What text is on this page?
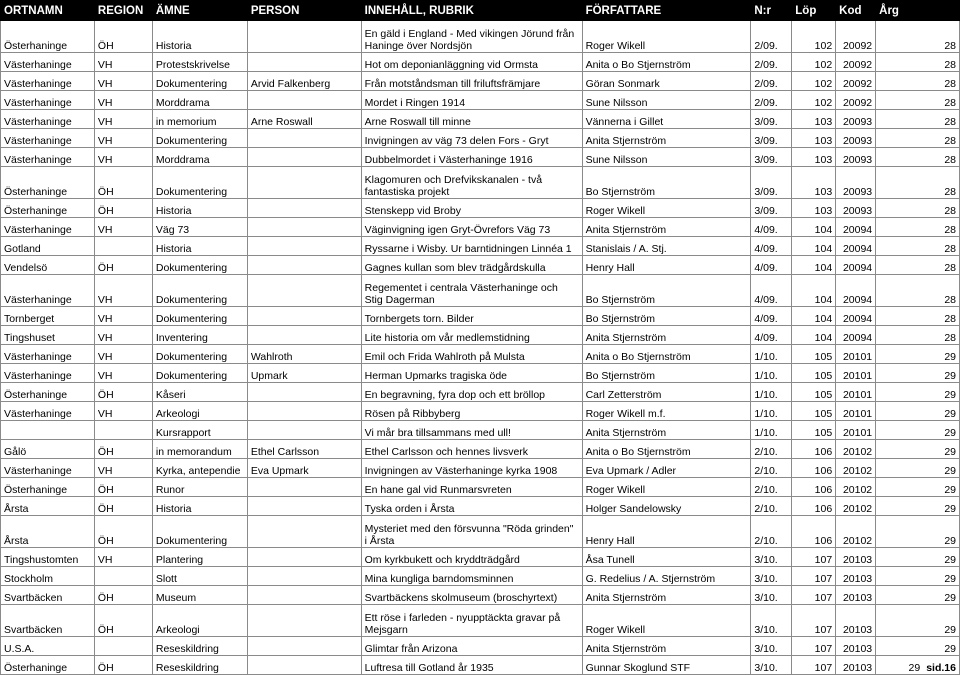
ORTNAMN	REGION	ÄMNE	PERSON	INNEHÅLL, RUBRIK	FÖRFATTARE	N:r	Löp	Kod	Årg
Österhaninge	ÖH	Historia		En gäld i England - Med vikingen Jörund från Haninge över Nordsjön	Roger Wikell	2/09.	102	20092	28
Västerhaninge	VH	Protestskrivelse		Hot om deponianläggning vid Ormsta	Anita o Bo Stjernström	2/09.	102	20092	28
Västerhaninge	VH	Dokumentering	Arvid Falkenberg	Från motståndsman till friluftsfrämjare	Göran Sonmark	2/09.	102	20092	28
Västerhaninge	VH	Morddrama		Mordet i Ringen 1914	Sune Nilsson	2/09.	102	20092	28
Västerhaninge	VH	in memorium	Arne Roswall	Arne Roswall till minne	Vännerna i Gillet	3/09.	103	20093	28
Västerhaninge	VH	Dokumentering		Invigningen av väg 73 delen Fors - Gryt	Anita Stjernström	3/09.	103	20093	28
Västerhaninge	VH	Morddrama		Dubbelmordet i Västerhaninge 1916	Sune Nilsson	3/09.	103	20093	28
Österhaninge	ÖH	Dokumentering		Klagomuren och Drefvikskanalen - två fantastiska projekt	Bo Stjernström	3/09.	103	20093	28
Österhaninge	ÖH	Historia		Stenskepp vid Broby	Roger Wikell	3/09.	103	20093	28
Västerhaninge	VH	Väg 73		Väginvigning igen Gryt-Övrefors Väg 73	Anita Stjernström	4/09.	104	20094	28
Gotland		Historia		Ryssarne i Wisby. Ur barntidningen Linnéa 1	Stanislais / A. Stj.	4/09.	104	20094	28
Vendelsö	ÖH	Dokumentering		Gagnes kullan som blev trädgårdskulla	Henry Hall	4/09.	104	20094	28
Västerhaninge	VH	Dokumentering		Regementet i centrala Västerhaninge och Stig Dagerman	Bo Stjernström	4/09.	104	20094	28
Tornberget	VH	Dokumentering		Tornbergets torn. Bilder	Bo Stjernström	4/09.	104	20094	28
Tingshuset	VH	Inventering		Lite historia om vår medlemstidning	Anita Stjernström	4/09.	104	20094	28
Västerhaninge	VH	Dokumentering	Wahlroth	Emil och Frida Wahlroth på Mulsta	Anita o Bo Stjernström	1/10.	105	20101	29
Västerhaninge	VH	Dokumentering	Upmark	Herman Upmarks tragiska öde	Bo Stjernström	1/10.	105	20101	29
Österhaninge	ÖH	Kåseri		En begravning, fyra dop och ett bröllop	Carl Zetterström	1/10.	105	20101	29
Västerhaninge	VH	Arkeologi		Rösen på Ribbyberg	Roger Wikell m.f.	1/10.	105	20101	29
		Kursrapport		Vi mår bra tillsammans med ull!	Anita Stjernström	1/10.	105	20101	29
Gålö	ÖH	in memorandum	Ethel Carlsson	Ethel Carlsson och hennes livsverk	Anita o Bo Stjernström	2/10.	106	20102	29
Västerhaninge	VH	Kyrka, antependie	Eva Upmark	Invigningen av Västerhaninge kyrka 1908	Eva Upmark / Adler	2/10.	106	20102	29
Österhaninge	ÖH	Runor		En hane gal vid Runmarsvreten	Roger Wikell	2/10.	106	20102	29
Årsta	ÖH	Historia		Tyska orden i Årsta	Holger Sandelowsky	2/10.	106	20102	29
Årsta	ÖH	Dokumentering		Mysteriet med den försvunna "Röda grinden" i Årsta	Henry Hall	2/10.	106	20102	29
Tingshustomten	VH	Plantering		Om kyrkbukett och kryddträdgård	Åsa Tunell	3/10.	107	20103	29
Stockholm		Slott		Mina kungliga barndomsminnen	G. Redelius / A. Stjernström	3/10.	107	20103	29
Svartbäcken	ÖH	Museum		Svartbäckens skolmuseum (broschyrtext)	Anita Stjernström	3/10.	107	20103	29
Svartbäcken	ÖH	Arkeologi		Ett röse i farleden - nyupptäckta gravar på Mejsgarn	Roger Wikell	3/10.	107	20103	29
U.S.A.		Reseskildring		Glimtar från Arizona	Anita Stjernström	3/10.	107	20103	29
Österhaninge	ÖH	Reseskildring		Luftresa till Gotland år 1935	Gunnar Skoglund STF	3/10.	107	20103	29 sid.16
